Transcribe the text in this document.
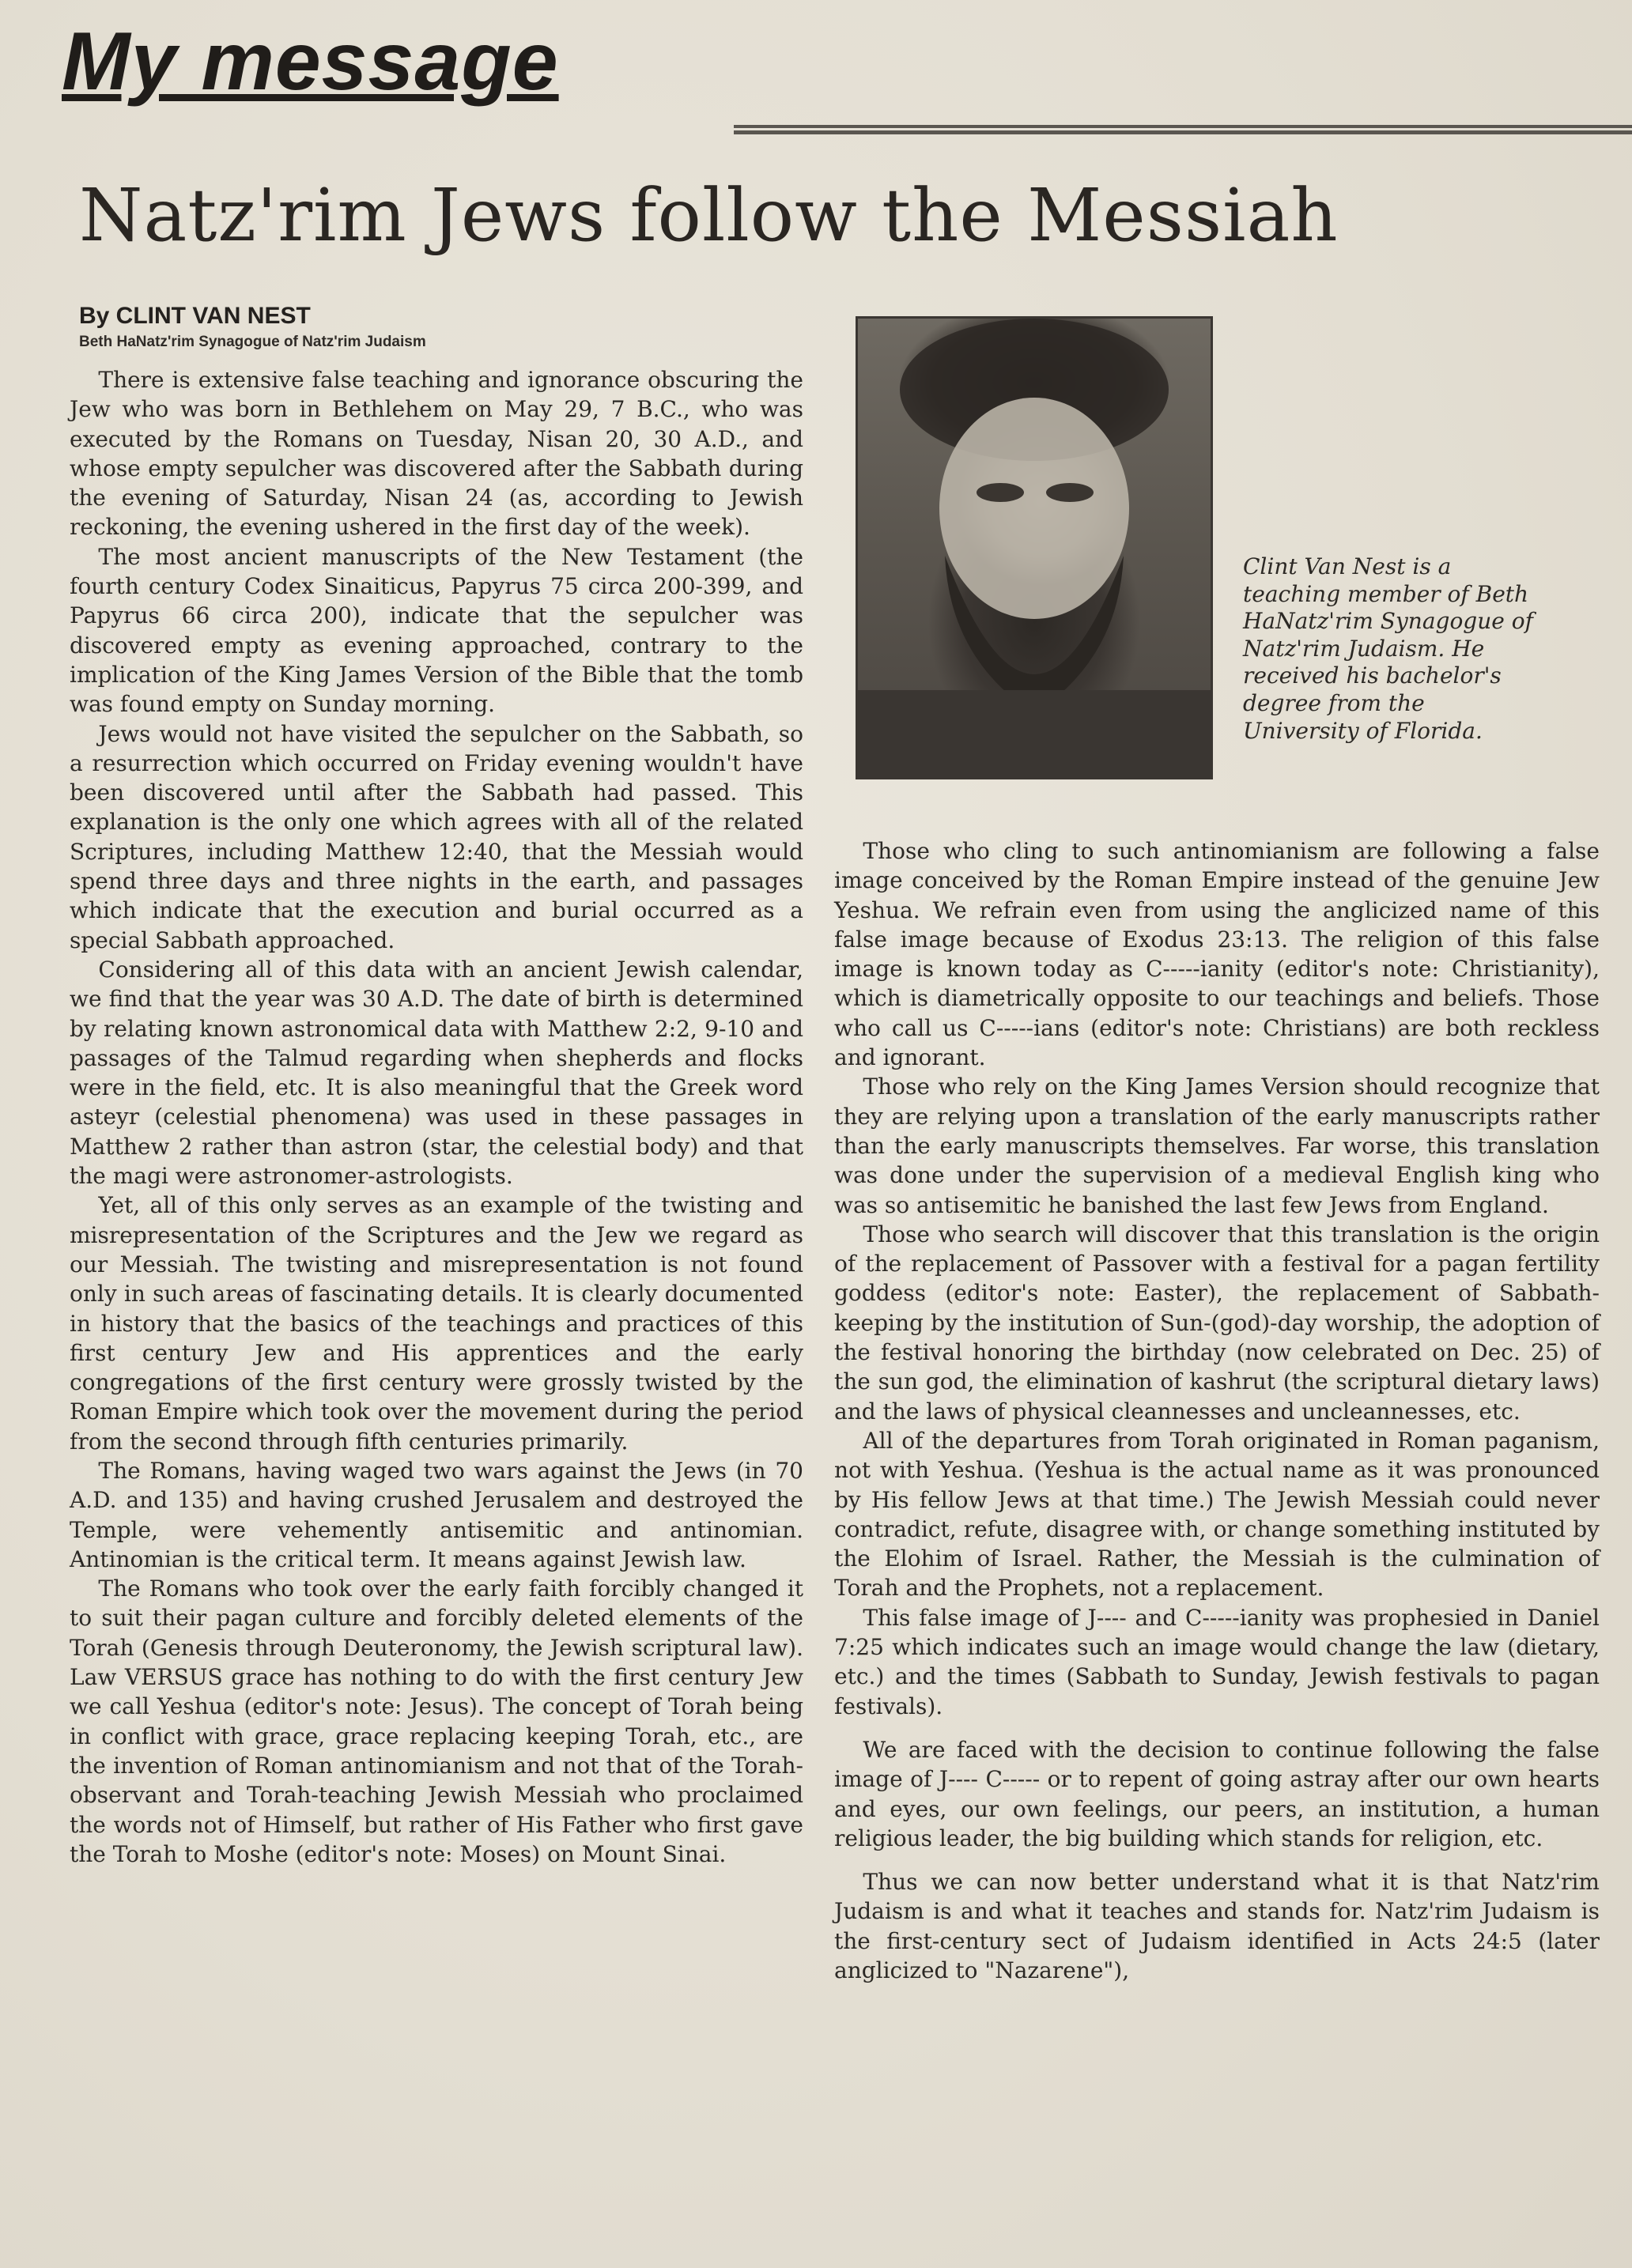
My message
Natz'rim Jews follow the Messiah
By CLINT VAN NEST
Beth HaNatz'rim Synagogue of Natz'rim Judaism

There is extensive false teaching and ignorance obscuring the Jew who was born in Bethlehem on May 29, 7 B.C., who was executed by the Romans on Tuesday, Nisan 20, 30 A.D., and whose empty sepulcher was discovered after the Sabbath during the evening of Saturday, Nisan 24 (as, according to Jewish reckoning, the evening ushered in the first day of the week).

The most ancient manuscripts of the New Testament (the fourth century Codex Sinaiticus, Papyrus 75 circa 200-399, and Papyrus 66 circa 200), indicate that the sepulcher was discovered empty as evening approached, contrary to the implication of the King James Version of the Bible that the tomb was found empty on Sunday morning.

Jews would not have visited the sepulcher on the Sabbath, so a resurrection which occurred on Friday evening wouldn't have been discovered until after the Sabbath had passed. This explanation is the only one which agrees with all of the related Scriptures, including Matthew 12:40, that the Messiah would spend three days and three nights in the earth, and passages which indicate that the execution and burial occurred as a special Sabbath approached.

Considering all of this data with an ancient Jewish calendar, we find that the year was 30 A.D. The date of birth is determined by relating known astronomical data with Matthew 2:2, 9-10 and passages of the Talmud regarding when shepherds and flocks were in the field, etc. It is also meaningful that the Greek word asteyr (celestial phenomena) was used in these passages in Matthew 2 rather than astron (star, the celestial body) and that the magi were astronomer-astrologists.

Yet, all of this only serves as an example of the twisting and misrepresentation of the Scriptures and the Jew we regard as our Messiah. The twisting and misrepresentation is not found only in such areas of fascinating details. It is clearly documented in history that the basics of the teachings and practices of this first century Jew and His apprentices and the early congregations of the first century were grossly twisted by the Roman Empire which took over the movement during the period from the second through fifth centuries primarily.

The Romans, having waged two wars against the Jews (in 70 A.D. and 135) and having crushed Jerusalem and destroyed the Temple, were vehemently antisemitic and antinomian. Antinomian is the critical term. It means against Jewish law.

The Romans who took over the early faith forcibly changed it to suit their pagan culture and forcibly deleted elements of the Torah (Genesis through Deuteronomy, the Jewish scriptural law). Law VERSUS grace has nothing to do with the first century Jew we call Yeshua (editor's note: Jesus). The concept of Torah being in conflict with grace, grace replacing keeping Torah, etc., are the invention of Roman antinomianism and not that of the Torah-observant and Torah-teaching Jewish Messiah who proclaimed the words not of Himself, but rather of His Father who first gave the Torah to Moshe (editor's note: Moses) on Mount Sinai.

Clint Van Nest is a
teaching member of Beth
HaNatz'rim Synagogue of
Natz'rim Judaism. He
received his bachelor's
degree from the
University of Florida.

Those who cling to such antinomianism are following a false image conceived by the Roman Empire instead of the genuine Jew Yeshua. We refrain even from using the anglicized name of this false image because of Exodus 23:13. The religion of this false image is known today as C-----ianity (editor's note: Christianity), which is diametrically opposite to our teachings and beliefs. Those who call us C-----ians (editor's note: Christians) are both reckless and ignorant.

Those who rely on the King James Version should recognize that they are relying upon a translation of the early manuscripts rather than the early manuscripts themselves. Far worse, this translation was done under the supervision of a medieval English king who was so antisemitic he banished the last few Jews from England.

Those who search will discover that this translation is the origin of the replacement of Passover with a festival for a pagan fertility goddess (editor's note: Easter), the replacement of Sabbath-keeping by the institution of Sun-(god)-day worship, the adoption of the festival honoring the birthday (now celebrated on Dec. 25) of the sun god, the elimination of kashrut (the scriptural dietary laws) and the laws of physical cleannesses and uncleannesses, etc.

All of the departures from Torah originated in Roman paganism, not with Yeshua. (Yeshua is the actual name as it was pronounced by His fellow Jews at that time.) The Jewish Messiah could never contradict, refute, disagree with, or change something instituted by the Elohim of Israel. Rather, the Messiah is the culmination of Torah and the Prophets, not a replacement.

This false image of J---- and C-----ianity was prophesied in Daniel 7:25 which indicates such an image would change the law (dietary, etc.) and the times (Sabbath to Sunday, Jewish festivals to pagan festivals).

We are faced with the decision to continue following the false image of J---- C----- or to repent of going astray after our own hearts and eyes, our own feelings, our peers, an institution, a human religious leader, the big building which stands for religion, etc.

Thus we can now better understand what it is that Natz'rim Judaism is and what it teaches and stands for. Natz'rim Judaism is the first-century sect of Judaism identified in Acts 24:5 (later anglicized to "Nazarene"),
